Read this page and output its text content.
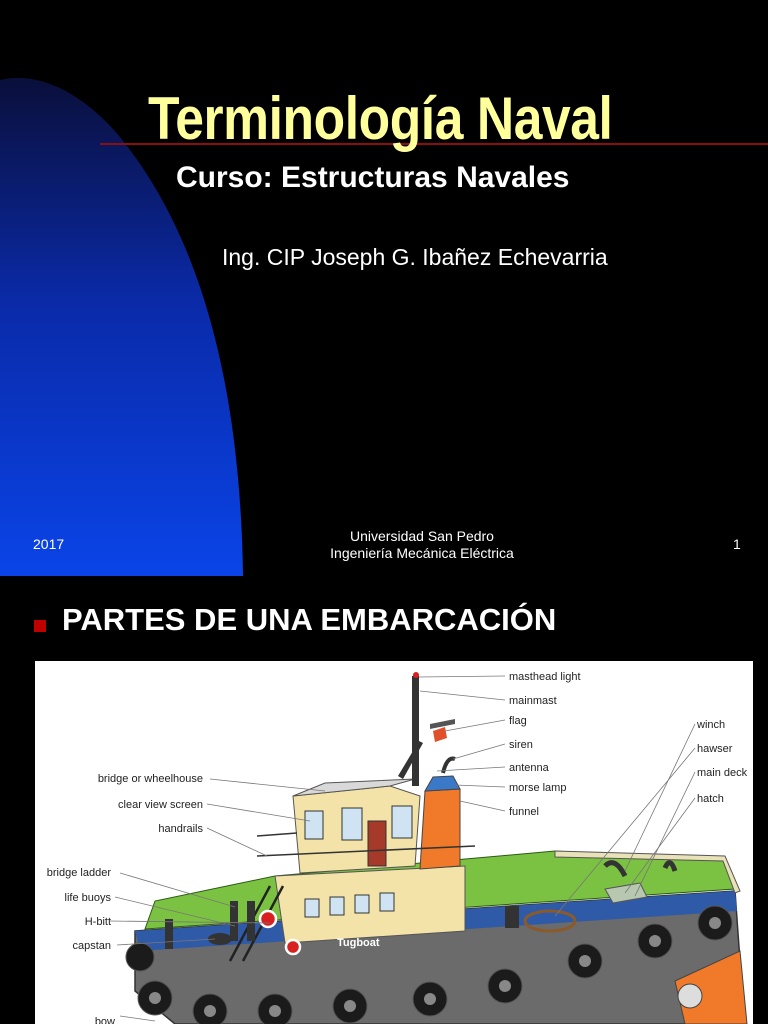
Terminología Naval
Curso: Estructuras Navales
Ing. CIP Joseph G. Ibañez Echevarria
2017	Universidad San Pedro
Ingeniería Mecánica Eléctrica
1
PARTES DE UNA EMBARCACIÓN
Tugboat
bridge or wheelhouse
clear view screen
handrails
bridge ladder
life buoys
H-bitt
capstan
bow
masthead light
mainmast
flag
siren
antenna
morse lamp
funnel
winch
hawser
main deck
hatch
